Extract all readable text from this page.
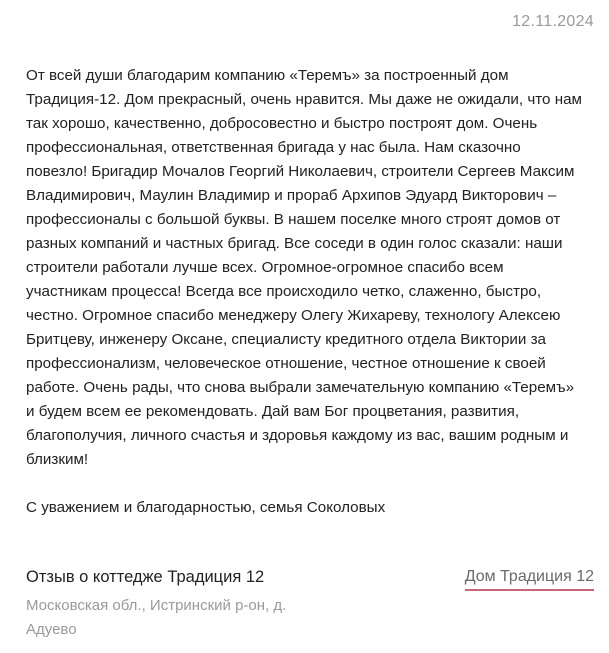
12.11.2024

От всей души благодарим компанию «Теремъ» за построенный дом Традиция-12. Дом прекрасный, очень нравится. Мы даже не ожидали, что нам так хорошо, качественно, добросовестно и быстро построят дом. Очень профессиональная, ответственная бригада у нас была. Нам сказочно повезло! Бригадир Мочалов Георгий Николаевич, строители Сергеев Максим Владимирович, Маулин Владимир и прораб Архипов Эдуард Викторович – профессионалы с большой буквы. В нашем поселке много строят домов от разных компаний и частных бригад. Все соседи в один голос сказали: наши строители работали лучше всех. Огромное-огромное спасибо всем участникам процесса! Всегда все происходило четко, слаженно, быстро, честно. Огромное спасибо менеджеру Олегу Жихареву, технологу Алексею Бритцеву, инженеру Оксане, специалисту кредитного отдела Виктории за профессионализм, человеческое отношение, честное отношение к своей работе. Очень рады, что снова выбрали замечательную компанию «Теремъ» и будем всем ее рекомендовать. Дай вам Бог процветания, развития, благополучия, личного счастья и здоровья каждому из вас, вашим родным и близким!

С уважением и благодарностью, семья Соколовых
Отзыв о коттедже Традиция 12
Московская обл., Истринский р-он, д. Адуево
Дом Традиция 12
